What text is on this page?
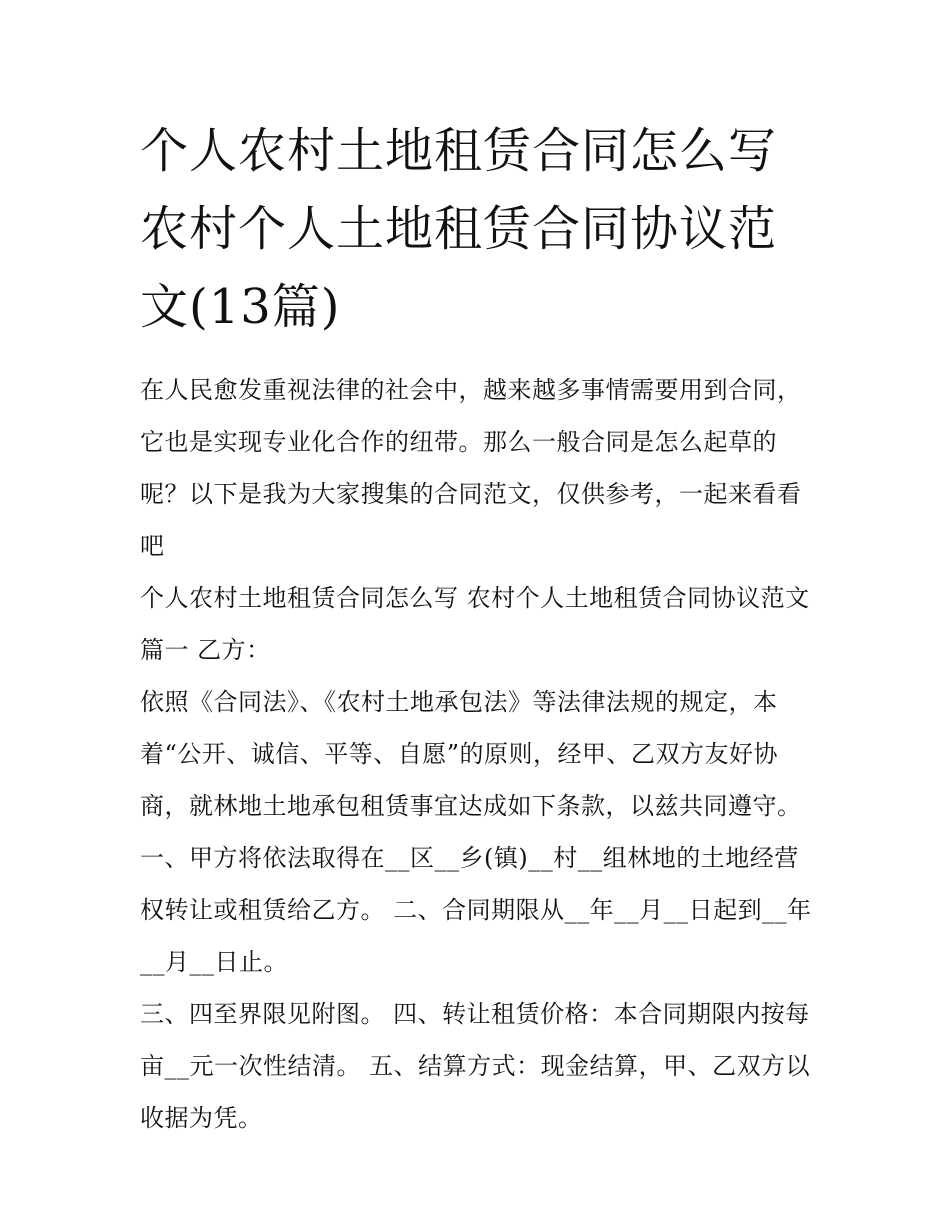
个人农村土地租赁合同怎么写 农村个人土地租赁合同协议范文(13篇)

在人民愈发重视法律的社会中，越来越多事情需要用到合同，它也是实现专业化合作的纽带。那么一般合同是怎么起草的呢？以下是我为大家搜集的合同范文，仅供参考，一起来看看吧

个人农村土地租赁合同怎么写 农村个人土地租赁合同协议范文篇一 乙方：

依照《合同法》、《农村土地承包法》等法律法规的规定，本着“公开、诚信、平等、自愿”的原则，经甲、乙双方友好协商，就林地土地承包租赁事宜达成如下条款，以兹共同遵守。

一、甲方将依法取得在__区__乡(镇)__村__组林地的土地经营权转让或租赁给乙方。 二、合同期限从__年__月__日起到__年__月__日止。

三、四至界限见附图。 四、转让租赁价格：本合同期限内按每亩__元一次性结清。 五、结算方式：现金结算，甲、乙双方以收据为凭。
